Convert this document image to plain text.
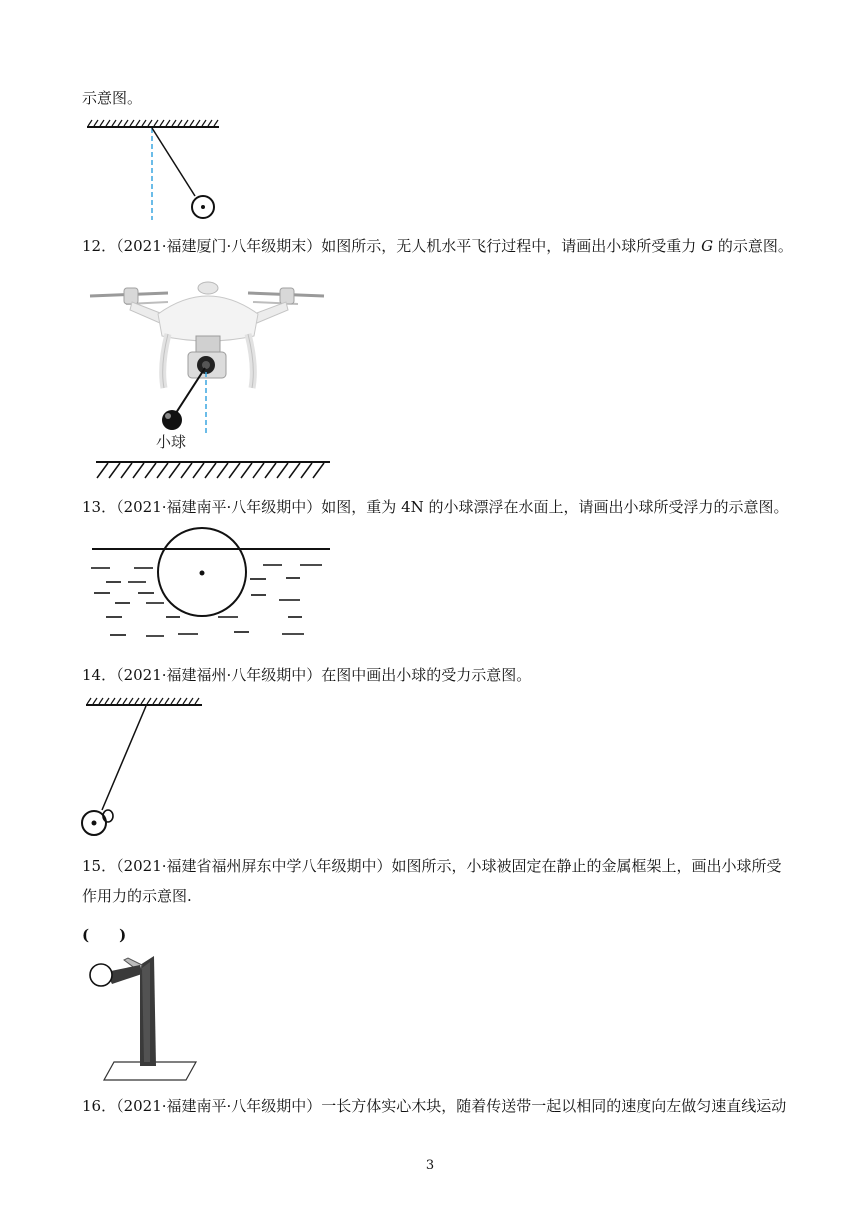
示意图。
12．（2021·福建厦门·八年级期末）如图所示，无人机水平飞行过程中，请画出小球所受重力 G 的示意图。
小球
13．（2021·福建南平·八年级期中）如图，重为 4N 的小球漂浮在水面上，请画出小球所受浮力的示意图。
14．（2021·福建福州·八年级期中）在图中画出小球的受力示意图。
15．（2021·福建省福州屏东中学八年级期中）如图所示，小球被固定在静止的金属框架上，画出小球所受
作用力的示意图.
(　　)
16．（2021·福建南平·八年级期中）一长方体实心木块，随着传送带一起以相同的速度向左做匀速直线运动
3
